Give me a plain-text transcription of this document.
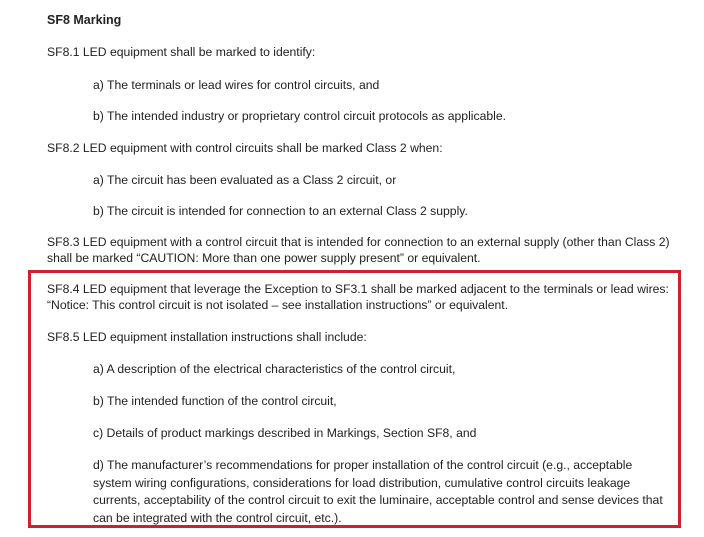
SF8 Marking
SF8.1 LED equipment shall be marked to identify:
a) The terminals or lead wires for control circuits, and
b) The intended industry or proprietary control circuit protocols as applicable.
SF8.2 LED equipment with control circuits shall be marked Class 2 when:
a) The circuit has been evaluated as a Class 2 circuit, or
b) The circuit is intended for connection to an external Class 2 supply.
SF8.3 LED equipment with a control circuit that is intended for connection to an external supply (other than Class 2) shall be marked “CAUTION: More than one power supply present” or equivalent.
SF8.4 LED equipment that leverage the Exception to SF3.1 shall be marked adjacent to the terminals or lead wires: “Notice: This control circuit is not isolated – see installation instructions” or equivalent.
SF8.5 LED equipment installation instructions shall include:
a) A description of the electrical characteristics of the control circuit,
b) The intended function of the control circuit,
c) Details of product markings described in Markings, Section SF8, and
d) The manufacturer’s recommendations for proper installation of the control circuit (e.g., acceptable system wiring configurations, considerations for load distribution, cumulative control circuits leakage currents, acceptability of the control circuit to exit the luminaire, acceptable control and sense devices that can be integrated with the control circuit, etc.).
